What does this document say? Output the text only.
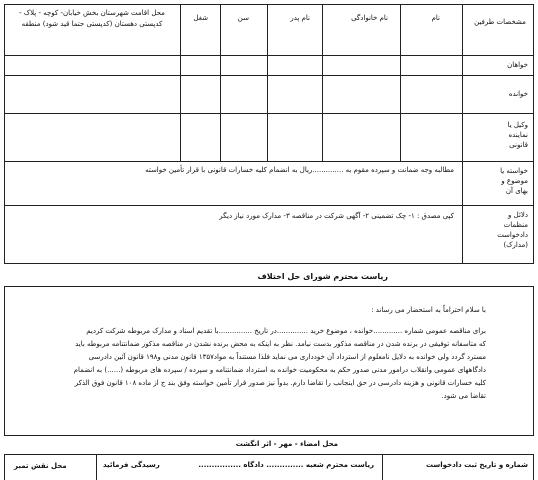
مشخصات طرفین
نام
نام خانوادگی
نام پدر
سن
شغل
محل اقامت شهرستان بخش خیابان- کوچه - پلاک - کدپستی دهستان (کدپستی حتما قید شود) منطقه
خواهان
خوانده
وکیل یا نماینده قانونی
خواسته یا موضوع و بهای آن
مطالبه وجه ضمانت و سپرده مقوم به ..............ریال به انضمام کلیه خسارات قانونی با قرار تأمین خواسته
دلائل و منظمات دادخواست (مدارک)
کپی مصدق : ۱- چک تضمینی ۲- آگهی شرکت در مناقصه ۳- مدارک مورد نیاز دیگر
ریاست محترم شورای حل اختلاف
با سلام احتراماً به استحضار می رساند :
برای مناقصه عمومی شماره .............خوانده ، موضوع خرید ..............در تاریخ ...............با تقدیم اسناد و مدارک مربوطه شرکت کردیم
که متاسفانه توفیقی در برنده شدن در مناقصه مذکور بدست نیامد. نظر به اینکه به محض برنده نشدن در مناقصه مذکور ضمانتنامه مربوطه باید
مسترد گردد ولی خوانده به دلایل نامعلوم از استرداد آن خودداری می نماید فلذا مستنداً به مواد۱۳۵۷ قانون مدنی و۱۹۸ قانون آئین دادرسی
دادگاههای عمومی وانقلاب درامور مدنی صدور حکم به محکومیت خوانده به استرداد ضمانتنامه و سپرده / سپرده های مربوطه (......) به انضمام
کلیه خسارات قانونی و هزینه دادرسی در حق اینجانب را تقاضا دارم. بدواً نیز صدور قرار تأمین خواسته وفق بند ج از ماده ۱۰۸ قانون فوق الذکر
تقاضا می شود.
محل امضاء - مهر - اثر انگشت
شماره و تاریخ ثبت دادخواست
ریاست محترم شعبه .............. دادگاه ................
رسیدگی فرمائید
محل نقش تمبر
